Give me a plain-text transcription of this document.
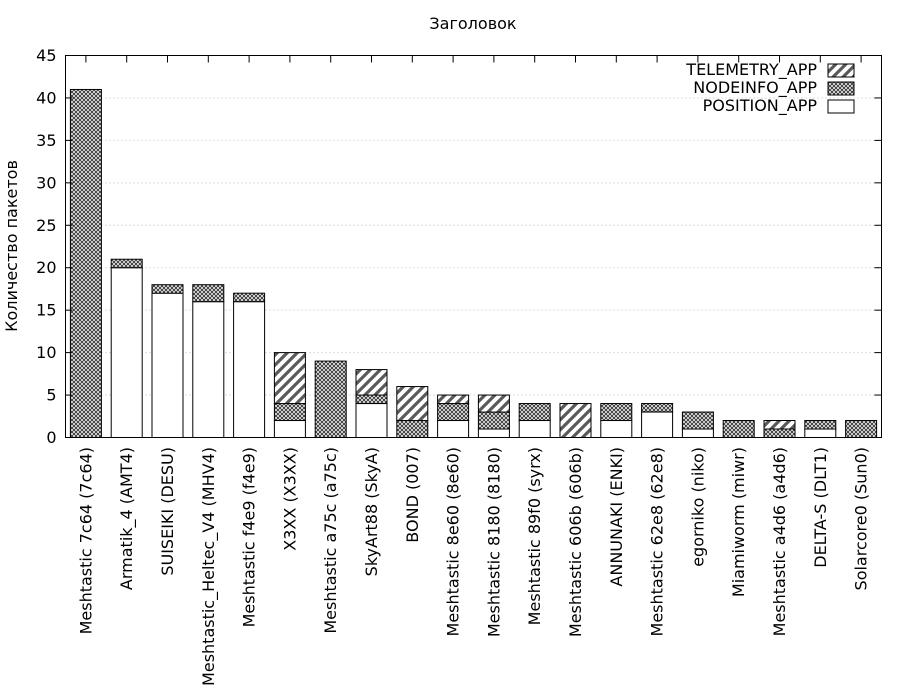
Заголовок
Количество пакетов
0
5
10
15
20
25
30
35
40
45
Meshtastic 7c64 (7c64) Armatik_4 (AMT4) SUISEIKI (DESU) Meshtastic_Heltec_V4 (MHV4) Meshtastic f4e9 (f4e9) X3XX (X3XX) Meshtastic a75c (a75c) SkyArt88 (SkyA) BOND (007) Meshtastic 8e60 (8e60) Meshtastic 8180 (8180) Meshtastic 89f0 (syrx) Meshtastic 606b (606b) ANNUNAKI (ENKI) Meshtastic 62e8 (62e8) egorniko (niko) Miamiworm (miwr) Meshtastic a4d6 (a4d6) DELTA-S (DLT1) Solarcore0 (Sun0)
TELEMETRY_APP
NODEINFO_APP
POSITION_APP
